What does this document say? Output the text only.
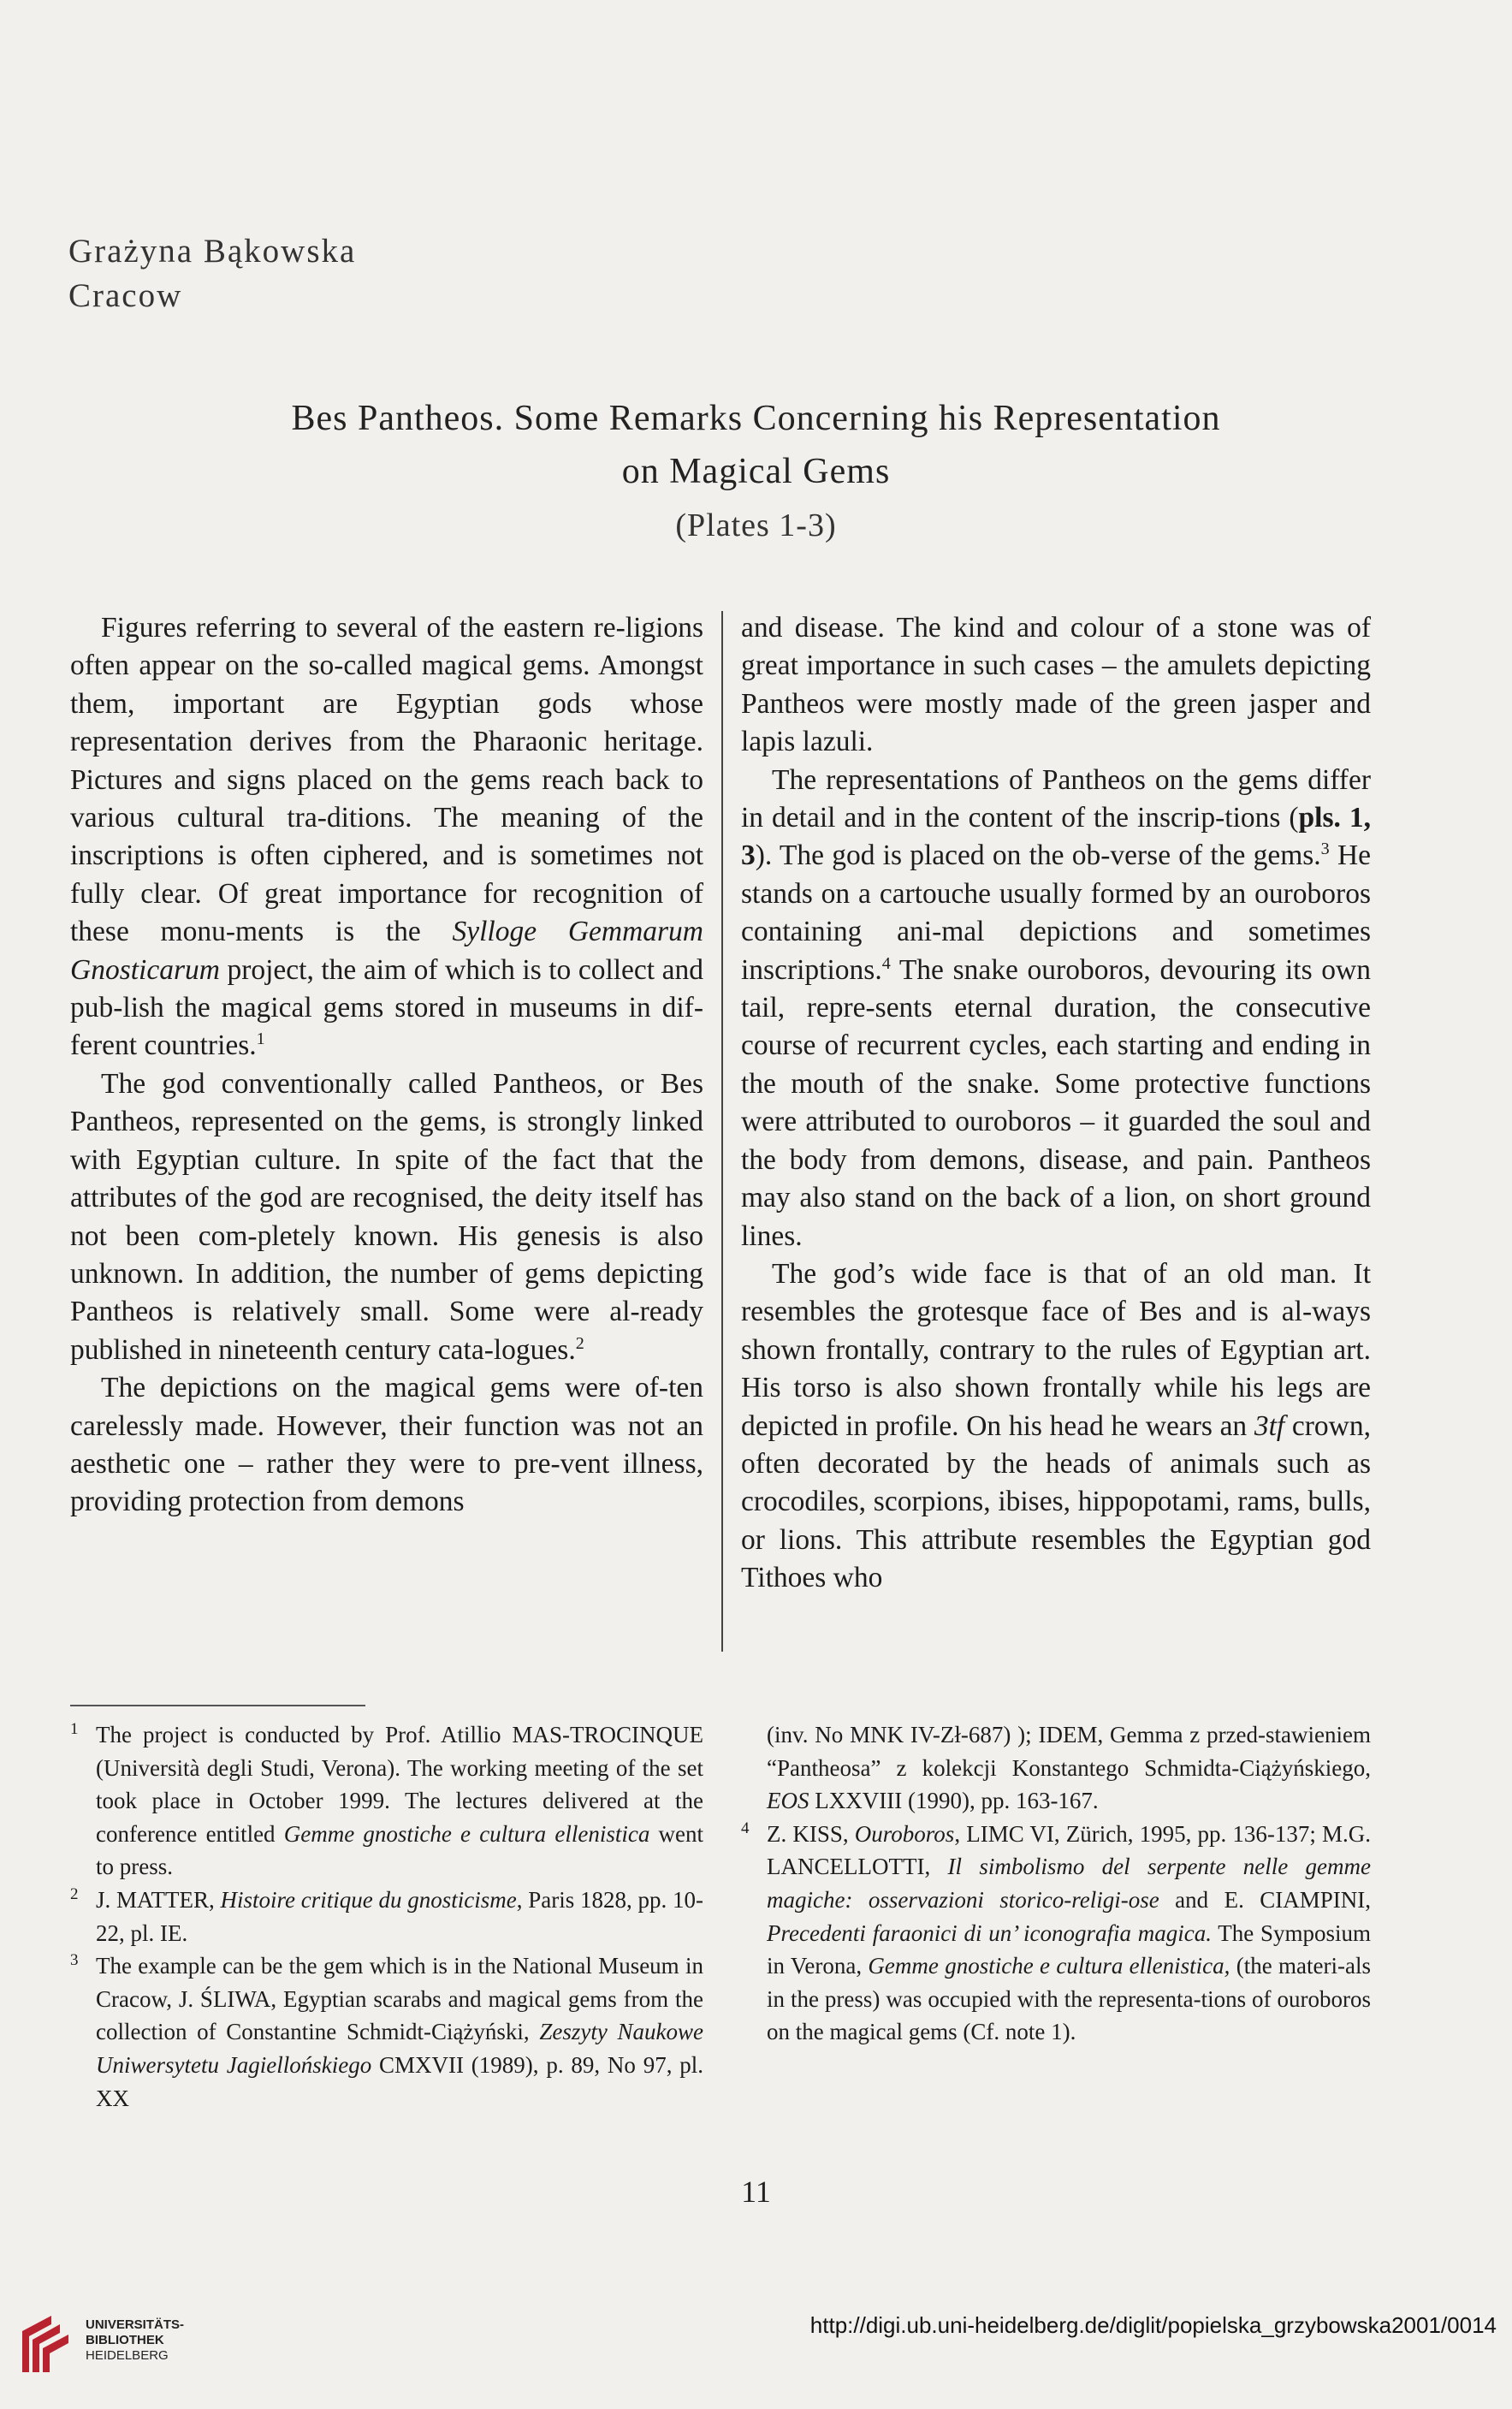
Grażyna Bąkowska
Cracow
Bes Pantheos. Some Remarks Concerning his Representation
on Magical Gems
(Plates 1-3)

Figures referring to several of the eastern re-ligions often appear on the so-called magical gems. Amongst them, important are Egyptian gods whose representation derives from the Pharaonic heritage. Pictures and signs placed on the gems reach back to various cultural tra-ditions. The meaning of the inscriptions is often ciphered, and is sometimes not fully clear. Of great importance for recognition of these monu-ments is the Sylloge Gemmarum Gnosticarum project, the aim of which is to collect and pub-lish the magical gems stored in museums in dif-ferent countries.$^1$

The god conventionally called Pantheos, or Bes Pantheos, represented on the gems, is strongly linked with Egyptian culture. In spite of the fact that the attributes of the god are recognised, the deity itself has not been com-pletely known. His genesis is also unknown. In addition, the number of gems depicting Pantheos is relatively small. Some were al-ready published in nineteenth century cata-logues.$^2$

The depictions on the magical gems were of-ten carelessly made. However, their function was not an aesthetic one – rather they were to pre-vent illness, providing protection from demons

and disease. The kind and colour of a stone was of great importance in such cases – the amulets depicting Pantheos were mostly made of the green jasper and lapis lazuli.

The representations of Pantheos on the gems differ in detail and in the content of the inscrip-tions (pls. 1, 3). The god is placed on the ob-verse of the gems.$^3$ He stands on a cartouche usually formed by an ouroboros containing ani-mal depictions and sometimes inscriptions.$^4$ The snake ouroboros, devouring its own tail, repre-sents eternal duration, the consecutive course of recurrent cycles, each starting and ending in the mouth of the snake. Some protective functions were attributed to ouroboros – it guarded the soul and the body from demons, disease, and pain. Pantheos may also stand on the back of a lion, on short ground lines.

The god’s wide face is that of an old man. It resembles the grotesque face of Bes and is al-ways shown frontally, contrary to the rules of Egyptian art. His torso is also shown frontally while his legs are depicted in profile. On his head he wears an 3tf crown, often decorated by the heads of animals such as crocodiles, scorpions, ibises, hippopotami, rams, bulls, or lions. This attribute resembles the Egyptian god Tithoes who

1 The project is conducted by Prof. Atillio MAS-TROCINQUE (Università degli Studi, Verona). The working meeting of the set took place in October 1999. The lectures delivered at the conference entitled Gemme gnostiche e cultura ellenistica went to press.
2 J. MATTER, Histoire critique du gnosticisme, Paris 1828, pp. 10-22, pl. IE.
3 The example can be the gem which is in the National Museum in Cracow, J. ŚLIWA, Egyptian scarabs and magical gems from the collection of Constantine Schmidt-Ciążyński, Zeszyty Naukowe Uniwersytetu Jagiellońskiego CMXVII (1989), p. 89, No 97, pl. XX
(inv. No MNK IV-Zł-687) ); IDEM, Gemma z przed-stawieniem “Pantheosa” z kolekcji Konstantego Schmidta-Ciążyńskiego, EOS LXXVIII (1990), pp. 163-167.
4 Z. KISS, Ouroboros, LIMC VI, Zürich, 1995, pp. 136-137; M.G. LANCELLOTTI, Il simbolismo del serpente nelle gemme magiche: osservazioni storico-religi-ose and E. CIAMPINI, Precedenti faraonici di un’ iconografia magica. The Symposium in Verona, Gemme gnostiche e cultura ellenistica, (the materi-als in the press) was occupied with the representa-tions of ouroboros on the magical gems (Cf. note 1).
11
UNIVERSITÄTS-
BIBLIOTHEK
HEIDELBERG
http://digi.ub.uni-heidelberg.de/diglit/popielska_grzybowska2001/0014
